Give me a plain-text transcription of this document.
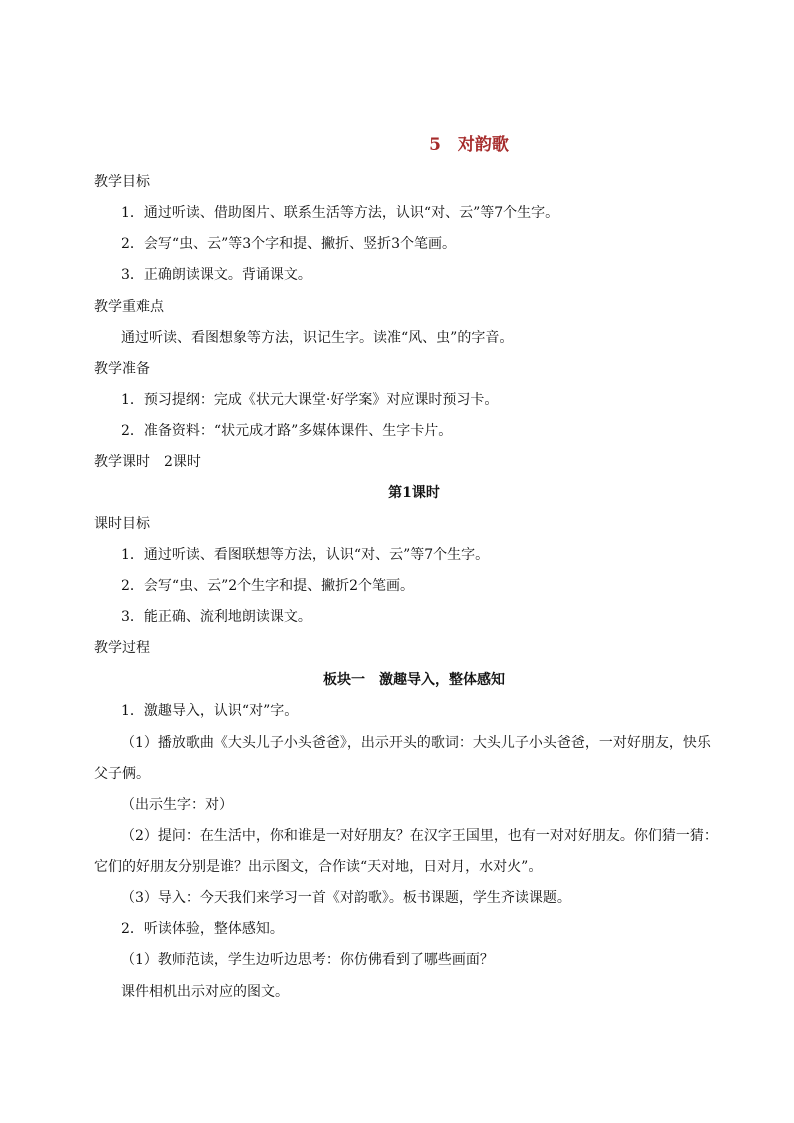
5　对韵歌
教学目标
1．通过听读、借助图片、联系生活等方法，认识“对、云”等7个生字。
2．会写“虫、云”等3个字和提、撇折、竖折3个笔画。
3．正确朗读课文。背诵课文。
教学重难点
通过听读、看图想象等方法，识记生字。读准“风、虫”的字音。
教学准备
1．预习提纲：完成《状元大课堂·好学案》对应课时预习卡。
2．准备资料：“状元成才路”多媒体课件、生字卡片。
教学课时　2课时
第1课时
课时目标
1．通过听读、看图联想等方法，认识“对、云”等7个生字。
2．会写“虫、云”2个生字和提、撇折2个笔画。
3．能正确、流利地朗读课文。
教学过程
板块一　激趣导入，整体感知
1．激趣导入，认识“对”字。
（1）播放歌曲《大头儿子小头爸爸》，出示开头的歌词：大头儿子小头爸爸，一对好朋友，快乐
父子俩。
（出示生字：对）
（2）提问：在生活中，你和谁是一对好朋友？在汉字王国里，也有一对对好朋友。你们猜一猜：
它们的好朋友分别是谁？出示图文，合作读“天对地，日对月，水对火”。
（3）导入：今天我们来学习一首《对韵歌》。板书课题，学生齐读课题。
2．听读体验，整体感知。
（1）教师范读，学生边听边思考：你仿佛看到了哪些画面？
课件相机出示对应的图文。
